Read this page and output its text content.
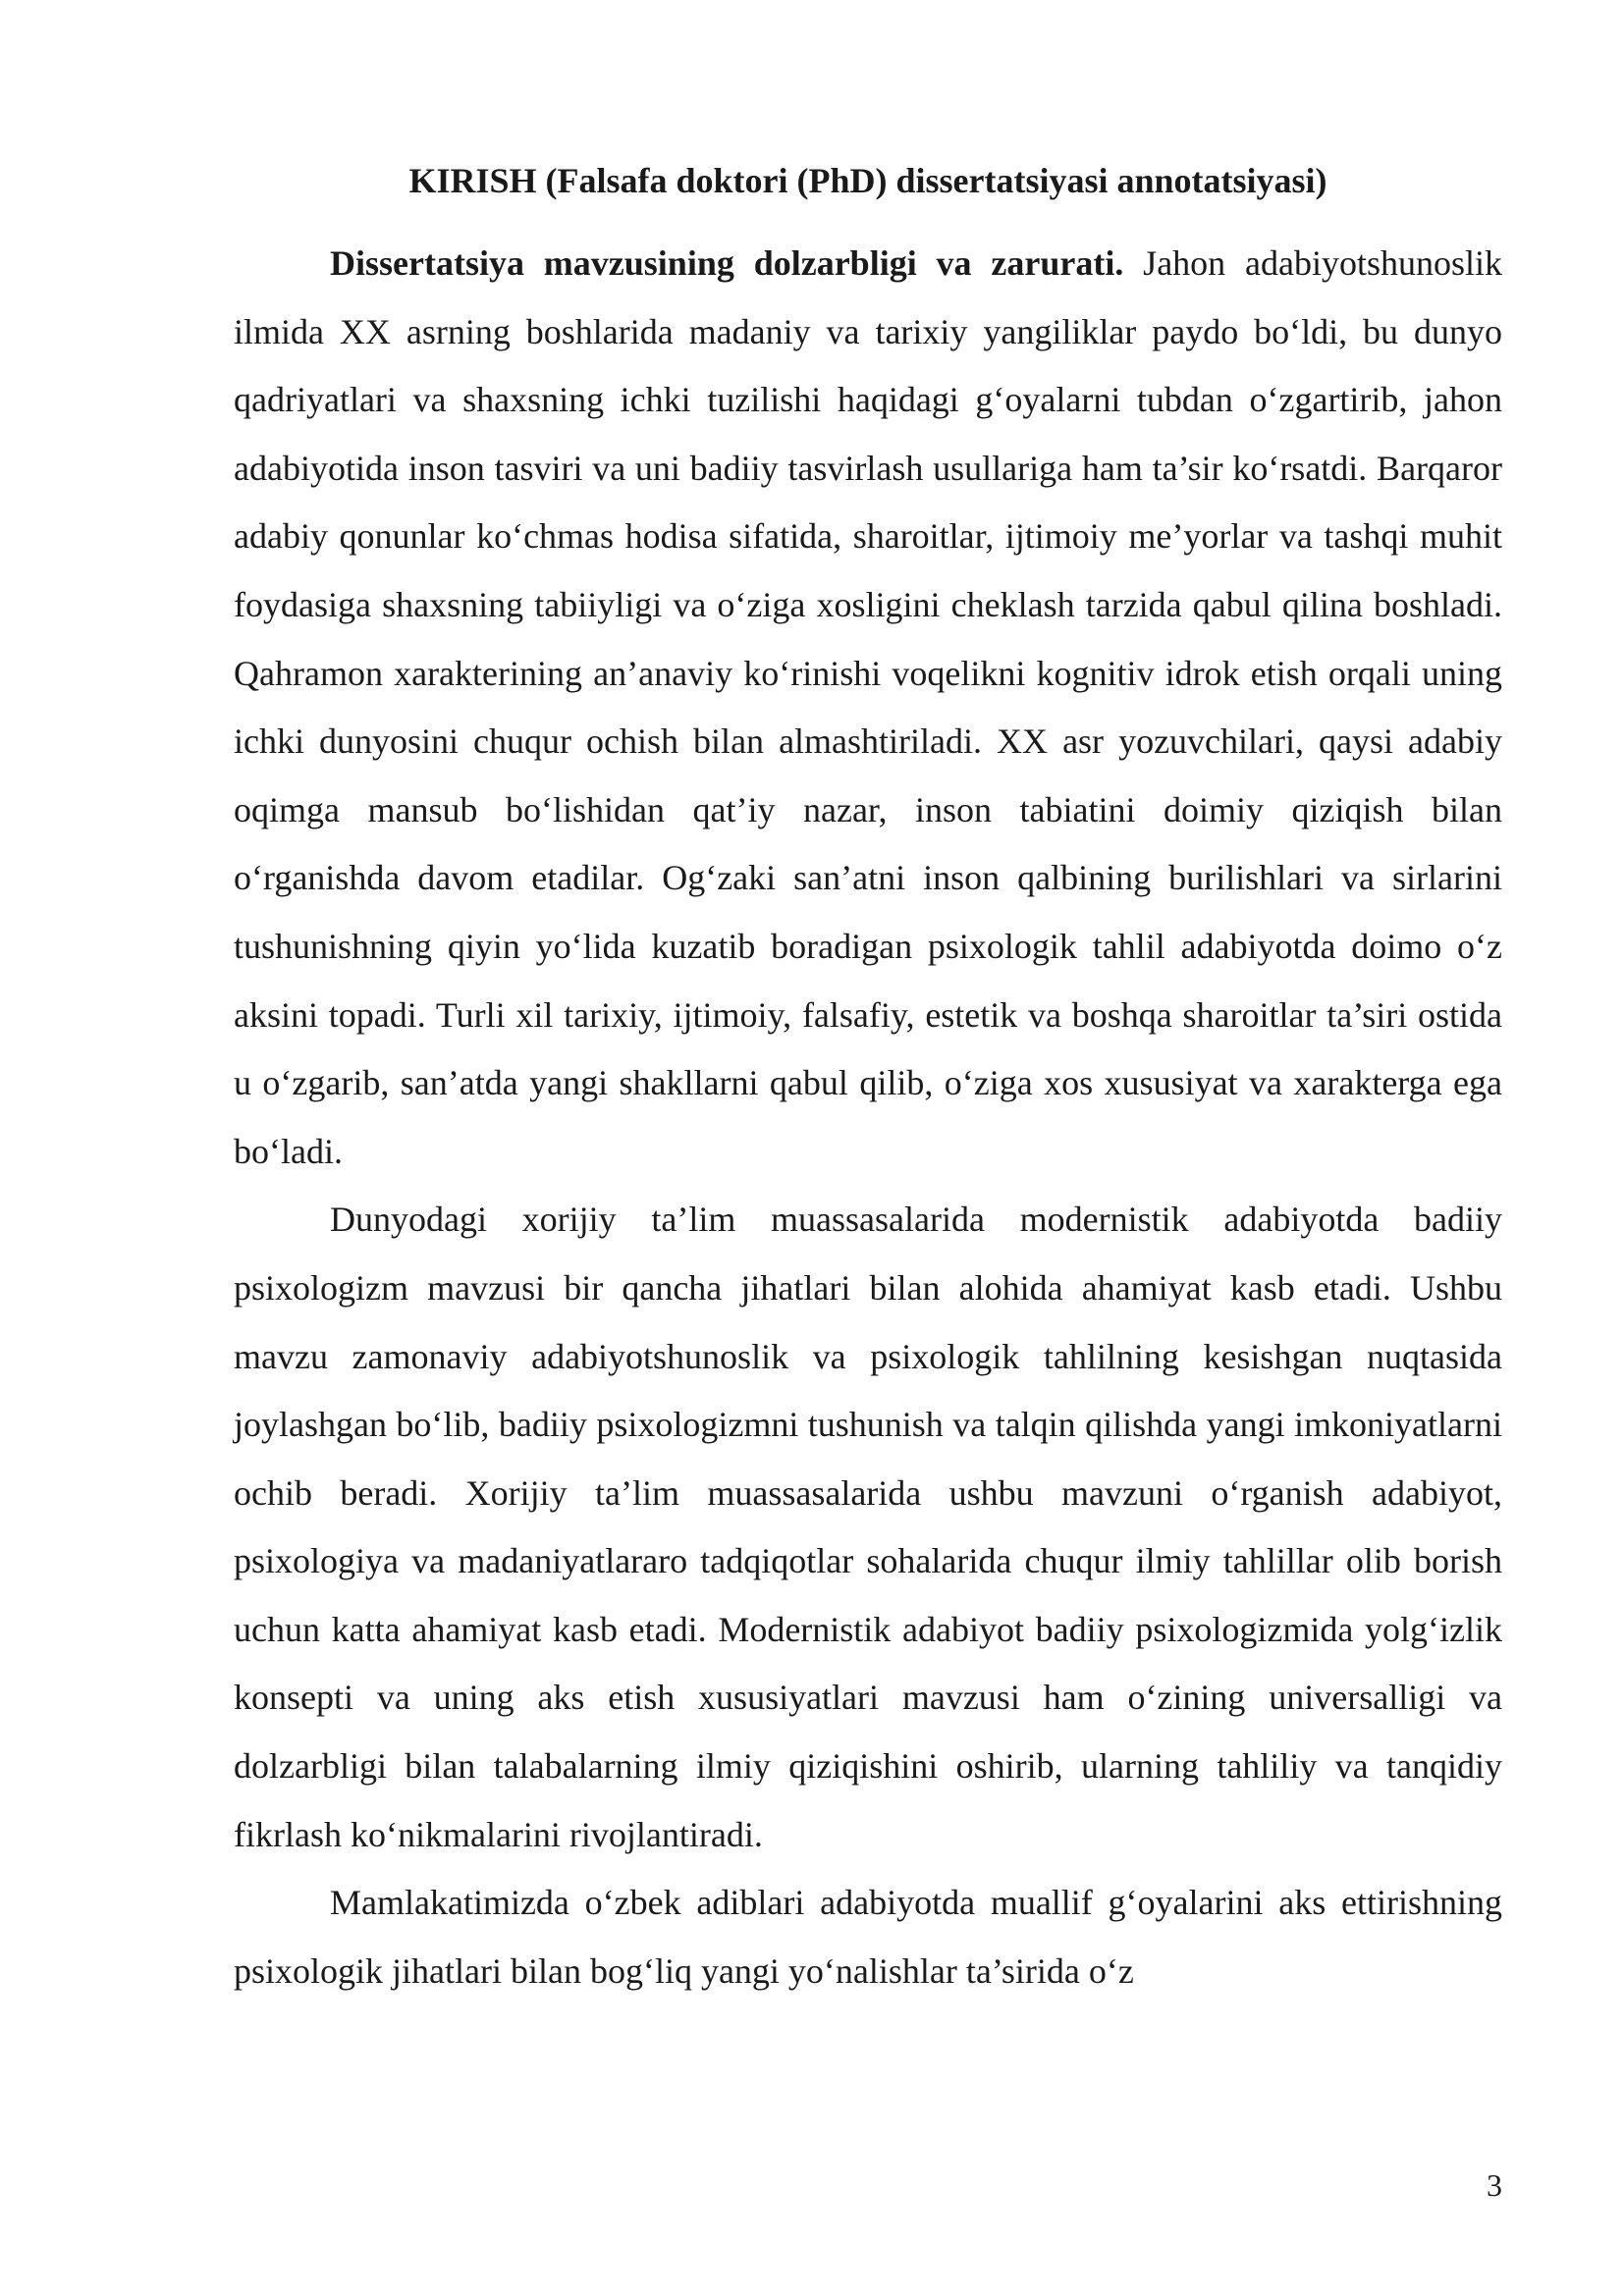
KIRISH (Falsafa doktori (PhD) dissertatsiyasi annotatsiyasi)

Dissertatsiya mavzusining dolzarbligi va zarurati. Jahon adabiyotshunoslik ilmida XX asrning boshlarida madaniy va tarixiy yangiliklar paydo bo‘ldi, bu dunyo qadriyatlari va shaxsning ichki tuzilishi haqidagi g‘oyalarni tubdan o‘zgartirib, jahon adabiyotida inson tasviri va uni badiiy tasvirlash usullariga ham ta’sir ko‘rsatdi. Barqaror adabiy qonunlar ko‘chmas hodisa sifatida, sharoitlar, ijtimoiy me’yorlar va tashqi muhit foydasiga shaxsning tabiiyligi va o‘ziga xosligini cheklash tarzida qabul qilina boshladi. Qahramon xarakterining an’anaviy ko‘rinishi voqelikni kognitiv idrok etish orqali uning ichki dunyosini chuqur ochish bilan almashtiriladi. XX asr yozuvchilari, qaysi adabiy oqimga mansub bo‘lishidan qat’iy nazar, inson tabiatini doimiy qiziqish bilan o‘rganishda davom etadilar. Og‘zaki san’atni inson qalbining burilishlari va sirlarini tushunishning qiyin yo‘lida kuzatib boradigan psixologik tahlil adabiyotda doimo o‘z aksini topadi. Turli xil tarixiy, ijtimoiy, falsafiy, estetik va boshqa sharoitlar ta’siri ostida u o‘zgarib, san’atda yangi shakllarni qabul qilib, o‘ziga xos xususiyat va xarakterga ega bo‘ladi.

Dunyodagi xorijiy ta’lim muassasalarida modernistik adabiyotda badiiy psixologizm mavzusi bir qancha jihatlari bilan alohida ahamiyat kasb etadi. Ushbu mavzu zamonaviy adabiyotshunoslik va psixologik tahlilning kesishgan nuqtasida joylashgan bo‘lib, badiiy psixologizmni tushunish va talqin qilishda yangi imkoniyatlarni ochib beradi. Xorijiy ta’lim muassasalarida ushbu mavzuni o‘rganish adabiyot, psixologiya va madaniyatlararo tadqiqotlar sohalarida chuqur ilmiy tahlillar olib borish uchun katta ahamiyat kasb etadi. Modernistik adabiyot badiiy psixologizmida yolg‘izlik konsepti va uning aks etish xususiyatlari mavzusi ham o‘zining universalligi va dolzarbligi bilan talabalarning ilmiy qiziqishini oshirib, ularning tahliliy va tanqidiy fikrlash ko‘nikmalarini rivojlantiradi.

Mamlakatimizda o‘zbek adiblari adabiyotda muallif g‘oyalarini aks ettirishning psixologik jihatlari bilan bog‘liq yangi yo‘nalishlar ta’sirida o‘z

3
